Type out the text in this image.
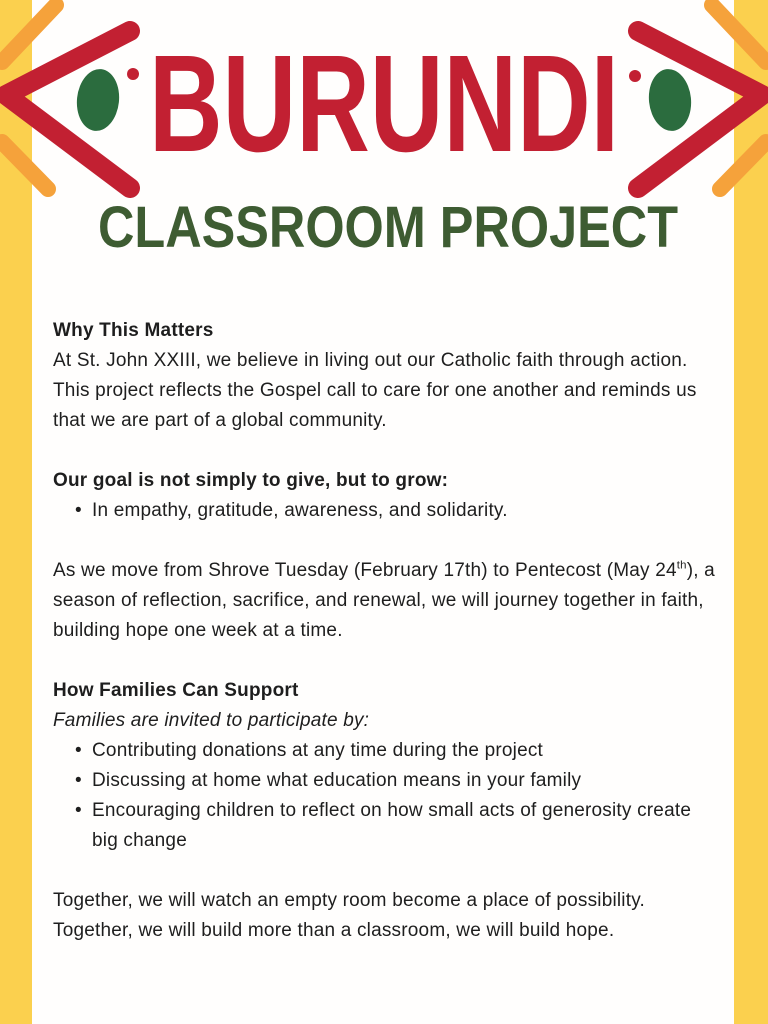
BURUNDI
CLASSROOM PROJECT
Why This Matters

At St. John XXIII, we believe in living out our Catholic faith through action. This project reflects the Gospel call to care for one another and reminds us that we are part of a global community.

Our goal is not simply to give, but to grow:
• In empathy, gratitude, awareness, and solidarity.

As we move from Shrove Tuesday (February 17th) to Pentecost (May 24th), a season of reflection, sacrifice, and renewal, we will journey together in faith, building hope one week at a time.

How Families Can Support

Families are invited to participate by:

• Contributing donations at any time during the project
• Discussing at home what education means in your family
• Encouraging children to reflect on how small acts of generosity create big change

Together, we will watch an empty room become a place of possibility.

Together, we will build more than a classroom, we will build hope.
